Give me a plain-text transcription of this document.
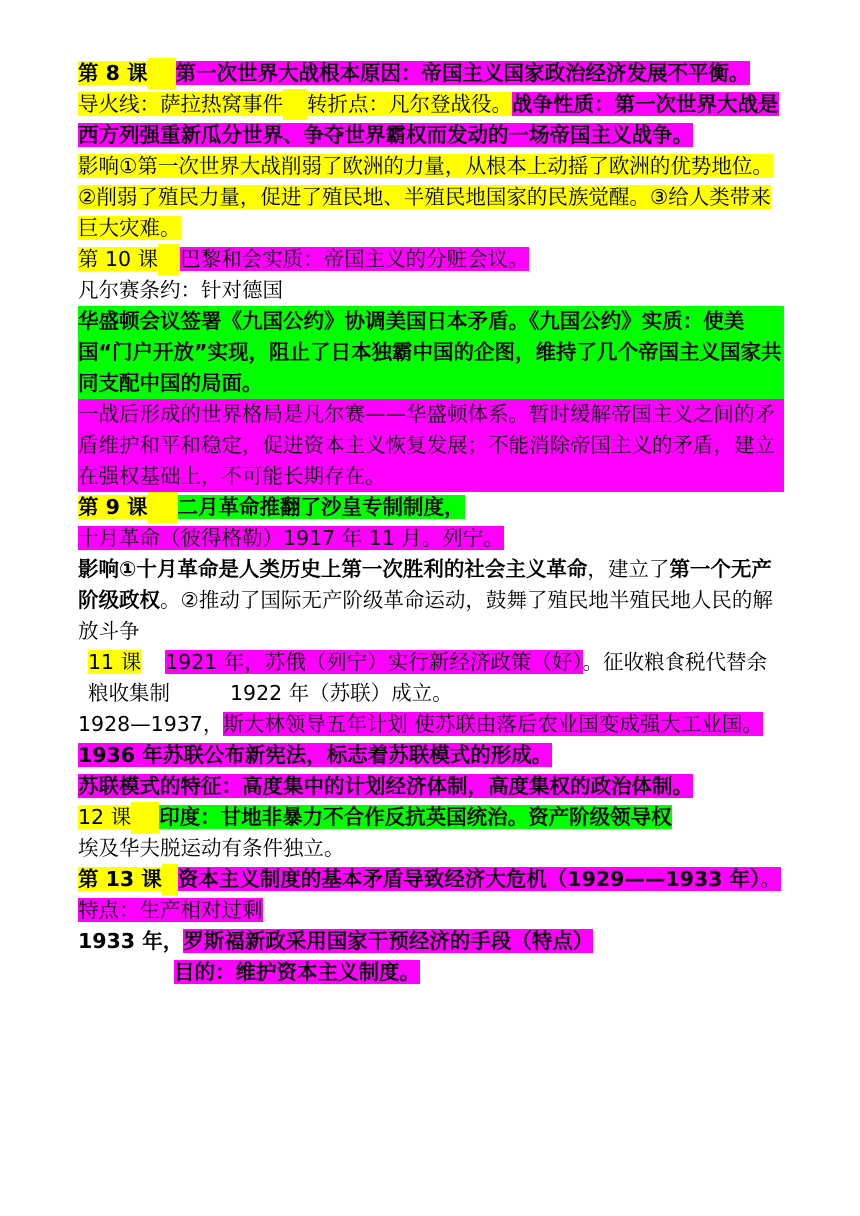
第 8 课 第一次世界大战根本原因：帝国主义国家政治经济发展不平衡。

导火线：萨拉热窝事件 转折点：凡尔登战役。战争性质：第一次世界大战是西方列强重新瓜分世界、争夺世界霸权而发动的一场帝国主义战争。

影响①第一次世界大战削弱了欧洲的力量，从根本上动摇了欧洲的优势地位。②削弱了殖民力量，促进了殖民地、半殖民地国家的民族觉醒。③给人类带来巨大灾难。

第 10 课 巴黎和会实质：帝国主义的分赃会议。

凡尔赛条约：针对德国

华盛顿会议签署《九国公约》协调美国日本矛盾。《九国公约》实质：使美国“门户开放”实现，阻止了日本独霸中国的企图，维持了几个帝国主义国家共同支配中国的局面。

一战后形成的世界格局是凡尔赛——华盛顿体系。暂时缓解帝国主义之间的矛盾维护和平和稳定，促进资本主义恢复发展；不能消除帝国主义的矛盾，建立在强权基础上，不可能长期存在。

第 9 课 二月革命推翻了沙皇专制制度，

十月革命（彼得格勒）1917 年 11 月。列宁。

影响①十月革命是人类历史上第一次胜利的社会主义革命，建立了第一个无产阶级政权。②推动了国际无产阶级革命运动，鼓舞了殖民地半殖民地人民的解放斗争

11 课 1921 年，苏俄（列宁）实行新经济政策（好）。征收粮食税代替余粮收集制	1922 年（苏联）成立。

1928—1937，斯大林领导五年计划 使苏联由落后农业国变成强大工业国。

1936 年苏联公布新宪法，标志着苏联模式的形成。

苏联模式的特征：高度集中的计划经济体制，高度集权的政治体制。

12 课 印度：甘地非暴力不合作反抗英国统治。资产阶级领导权

埃及华夫脱运动有条件独立。

第 13 课 资本主义制度的基本矛盾导致经济大危机（1929——1933 年）。特点：生产相对过剩

1933 年，罗斯福新政采用国家干预经济的手段（特点）

目的：维护资本主义制度。
